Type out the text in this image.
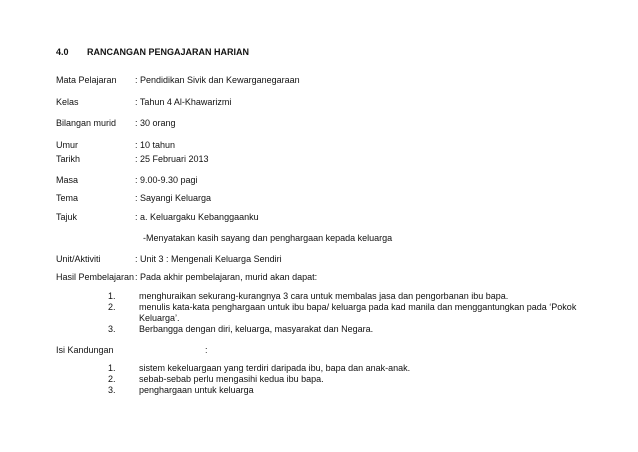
4.0 RANCANGAN PENGAJARAN HARIAN
Mata Pelajaran : Pendidikan Sivik dan Kewarganegaraan
Kelas	: Tahun 4 Al-Khawarizmi
Bilangan murid : 30 orang
Umur	: 10 tahun
Tarikh	: 25 Februari 2013
Masa	: 9.00-9.30 pagi
Tema	: Sayangi Keluarga
Tajuk	: a. Keluargaku Kebanggaanku
-Menyatakan kasih sayang dan penghargaan kepada keluarga
Unit/Aktiviti	: Unit 3 : Mengenali Keluarga Sendiri
Hasil Pembelajaran : Pada akhir pembelajaran, murid akan dapat:
1.	menghuraikan sekurang-kurangnya 3 cara untuk membalas jasa dan pengorbanan ibu bapa.
2.	menulis kata-kata penghargaan untuk ibu bapa/ keluarga pada kad manila dan menggantungkan pada ‘Pokok Keluarga’.
3.	Berbangga dengan diri, keluarga, masyarakat dan Negara.
Isi Kandungan	:
1.	sistem kekeluargaan yang terdiri daripada ibu, bapa dan anak-anak.
2.	sebab-sebab perlu mengasihi kedua ibu bapa.
3.	penghargaan untuk keluarga
